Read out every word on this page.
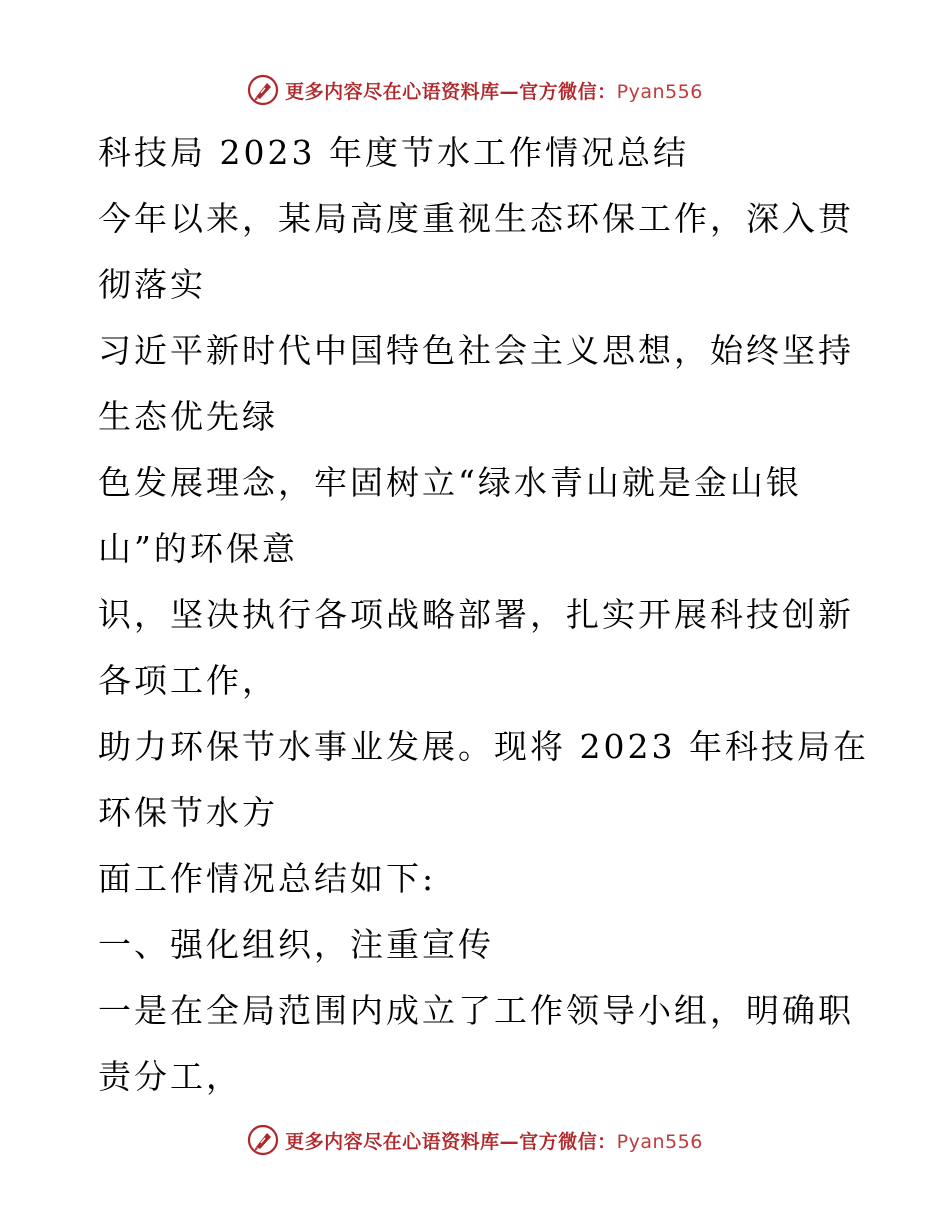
更多内容尽在心语资料库—官方微信：Pyan556

科技局 2023 年度节水工作情况总结

今年以来，某局高度重视生态环保工作，深入贯

彻落实

习近平新时代中国特色社会主义思想，始终坚持

生态优先绿

色发展理念，牢固树立“绿水青山就是金山银

山”的环保意

识，坚决执行各项战略部署，扎实开展科技创新

各项工作，

助力环保节水事业发展。现将 2023 年科技局在

环保节水方

面工作情况总结如下:

一、强化组织，注重宣传

一是在全局范围内成立了工作领导小组，明确职

责分工，

更多内容尽在心语资料库—官方微信：Pyan556
